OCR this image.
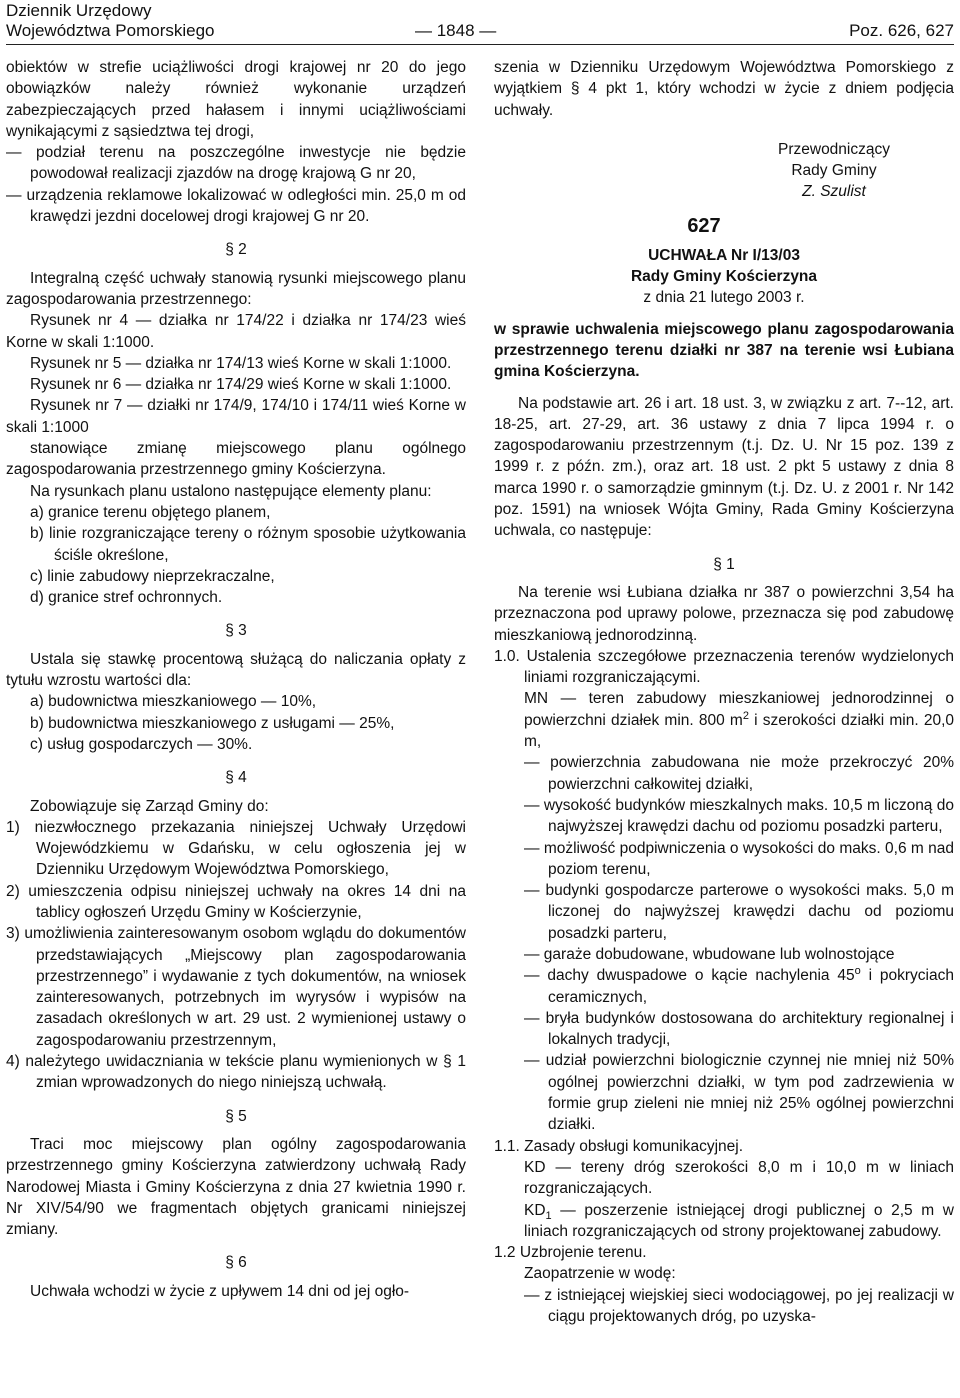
Dziennik Urzędowy
Województwa Pomorskiego	— 1848 —	Poz. 626, 627

obiektów w strefie uciążliwości drogi krajowej nr 20 do jego obowiązków należy również wykonanie urządzeń zabezpieczających przed hałasem i innymi uciążliwościami wynikającymi z sąsiedztwa tej drogi,

— podział terenu na poszczególne inwestycje nie będzie powodował realizacji zjazdów na drogę krajową G nr 20,

— urządzenia reklamowe lokalizować w odległości min. 25,0 m od krawędzi jezdni docelowej drogi krajowej G nr 20.

§ 2

Integralną część uchwały stanowią rysunki miejscowego planu zagospodarowania przestrzennego:

Rysunek nr 4 — działka nr 174/22 i działka nr 174/23 wieś Korne w skali 1:1000.

Rysunek nr 5 — działka nr 174/13 wieś Korne w skali 1:1000.

Rysunek nr 6 — działka nr 174/29 wieś Korne w skali 1:1000.

Rysunek nr 7 — działki nr 174/9, 174/10 i 174/11 wieś Korne w skali 1:1000

stanowiące zmianę miejscowego planu ogólnego zagospodarowania przestrzennego gminy Kościerzyna.

Na rysunkach planu ustalono następujące elementy planu:

a) granice terenu objętego planem,

b) linie rozgraniczające tereny o różnym sposobie użytkowania ściśle określone,

c) linie zabudowy nieprzekraczalne,

d) granice stref ochronnych.

§ 3

Ustala się stawkę procentową służącą do naliczania opłaty z tytułu wzrostu wartości dla:

a) budownictwa mieszkaniowego — 10%,

b) budownictwa mieszkaniowego z usługami — 25%,

c) usług gospodarczych — 30%.

§ 4

Zobowiązuje się Zarząd Gminy do:

1) niezwłocznego przekazania niniejszej Uchwały Urzędowi Wojewódzkiemu w Gdańsku, w celu ogłoszenia jej w Dzienniku Urzędowym Województwa Pomorskiego,

2) umieszczenia odpisu niniejszej uchwały na okres 14 dni na tablicy ogłoszeń Urzędu Gminy w Kościerzynie,

3) umożliwienia zainteresowanym osobom wglądu do dokumentów przedstawiających „Miejscowy plan zagospodarowania przestrzennego” i wydawanie z tych dokumentów, na wniosek zainteresowanych, potrzebnych im wyrysów i wypisów na zasadach określonych w art. 29 ust. 2 wymienionej ustawy o zagospodarowaniu przestrzennym,

4) należytego uwidaczniania w tekście planu wymienionych w § 1 zmian wprowadzonych do niego niniejszą uchwałą.

§ 5

Traci moc miejscowy plan ogólny zagospodarowania przestrzennego gminy Kościerzyna zatwierdzony uchwałą Rady Narodowej Miasta i Gminy Kościerzyna z dnia 27 kwietnia 1990 r. Nr XIV/54/90 we fragmentach objętych granicami niniejszej zmiany.

§ 6

Uchwała wchodzi w życie z upływem 14 dni od jej ogło-

szenia w Dzienniku Urzędowym Województwa Pomorskiego z wyjątkiem § 4 pkt 1, który wchodzi w życie z dniem podjęcia uchwały.

Przewodniczący

Rady Gminy

Z. Szulist

627

UCHWAŁA Nr I/13/03

Rady Gminy Kościerzyna

z dnia 21 lutego 2003 r.

w sprawie uchwalenia miejscowego planu zagospodarowania przestrzennego terenu działki nr 387 na terenie wsi Łubiana gmina Kościerzyna.

Na podstawie art. 26 i art. 18 ust. 3, w związku z art. 7--12, art. 18-25, art. 27-29, art. 36 ustawy z dnia 7 lipca 1994 r. o zagospodarowaniu przestrzennym (t.j. Dz. U. Nr 15 poz. 139 z 1999 r. z późn. zm.), oraz art. 18 ust. 2 pkt 5 ustawy z dnia 8 marca 1990 r. o samorządzie gminnym (t.j. Dz. U. z 2001 r. Nr 142 poz. 1591) na wniosek Wójta Gminy, Rada Gminy Kościerzyna uchwala, co następuje:

§ 1

Na terenie wsi Łubiana działka nr 387 o powierzchni 3,54 ha przeznaczona pod uprawy polowe, przeznacza się pod zabudowę mieszkaniową jednorodzinną.

1.0. Ustalenia szczegółowe przeznaczenia terenów wydzielonych liniami rozgraniczającymi.

MN — teren zabudowy mieszkaniowej jednorodzinnej o powierzchni działek min. 800 $m^2$ i szerokości działki min. 20,0 m,

— powierzchnia zabudowana nie może przekroczyć 20% powierzchni całkowitej działki,

— wysokość budynków mieszkalnych maks. 10,5 m liczoną do najwyższej krawędzi dachu od poziomu posadzki parteru,

— możliwość podpiwniczenia o wysokości do maks. 0,6 m nad poziom terenu,

— budynki gospodarcze parterowe o wysokości maks. 5,0 m liczonej do najwyższej krawędzi dachu od poziomu posadzki parteru,

— garaże dobudowane, wbudowane lub wolnostojące

— dachy dwuspadowe o kącie nachylenia 45$^o$ i pokryciach ceramicznych,

— bryła budynków dostosowana do architektury regionalnej i lokalnych tradycji,

— udział powierzchni biologicznie czynnej nie mniej niż 50% ogólnej powierzchni działki, w tym pod zadrzewienia w formie grup zieleni nie mniej niż 25% ogólnej powierzchni działki.

1.1. Zasady obsługi komunikacyjnej.

KD — tereny dróg szerokości 8,0 m i 10,0 m w liniach rozgraniczających.

$KD_1$ — poszerzenie istniejącej drogi publicznej o 2,5 m w liniach rozgraniczających od strony projektowanej zabudowy.

1.2 Uzbrojenie terenu.

Zaopatrzenie w wodę:

— z istniejącej wiejskiej sieci wodociągowej, po jej realizacji w ciągu projektowanych dróg, po uzyska-
